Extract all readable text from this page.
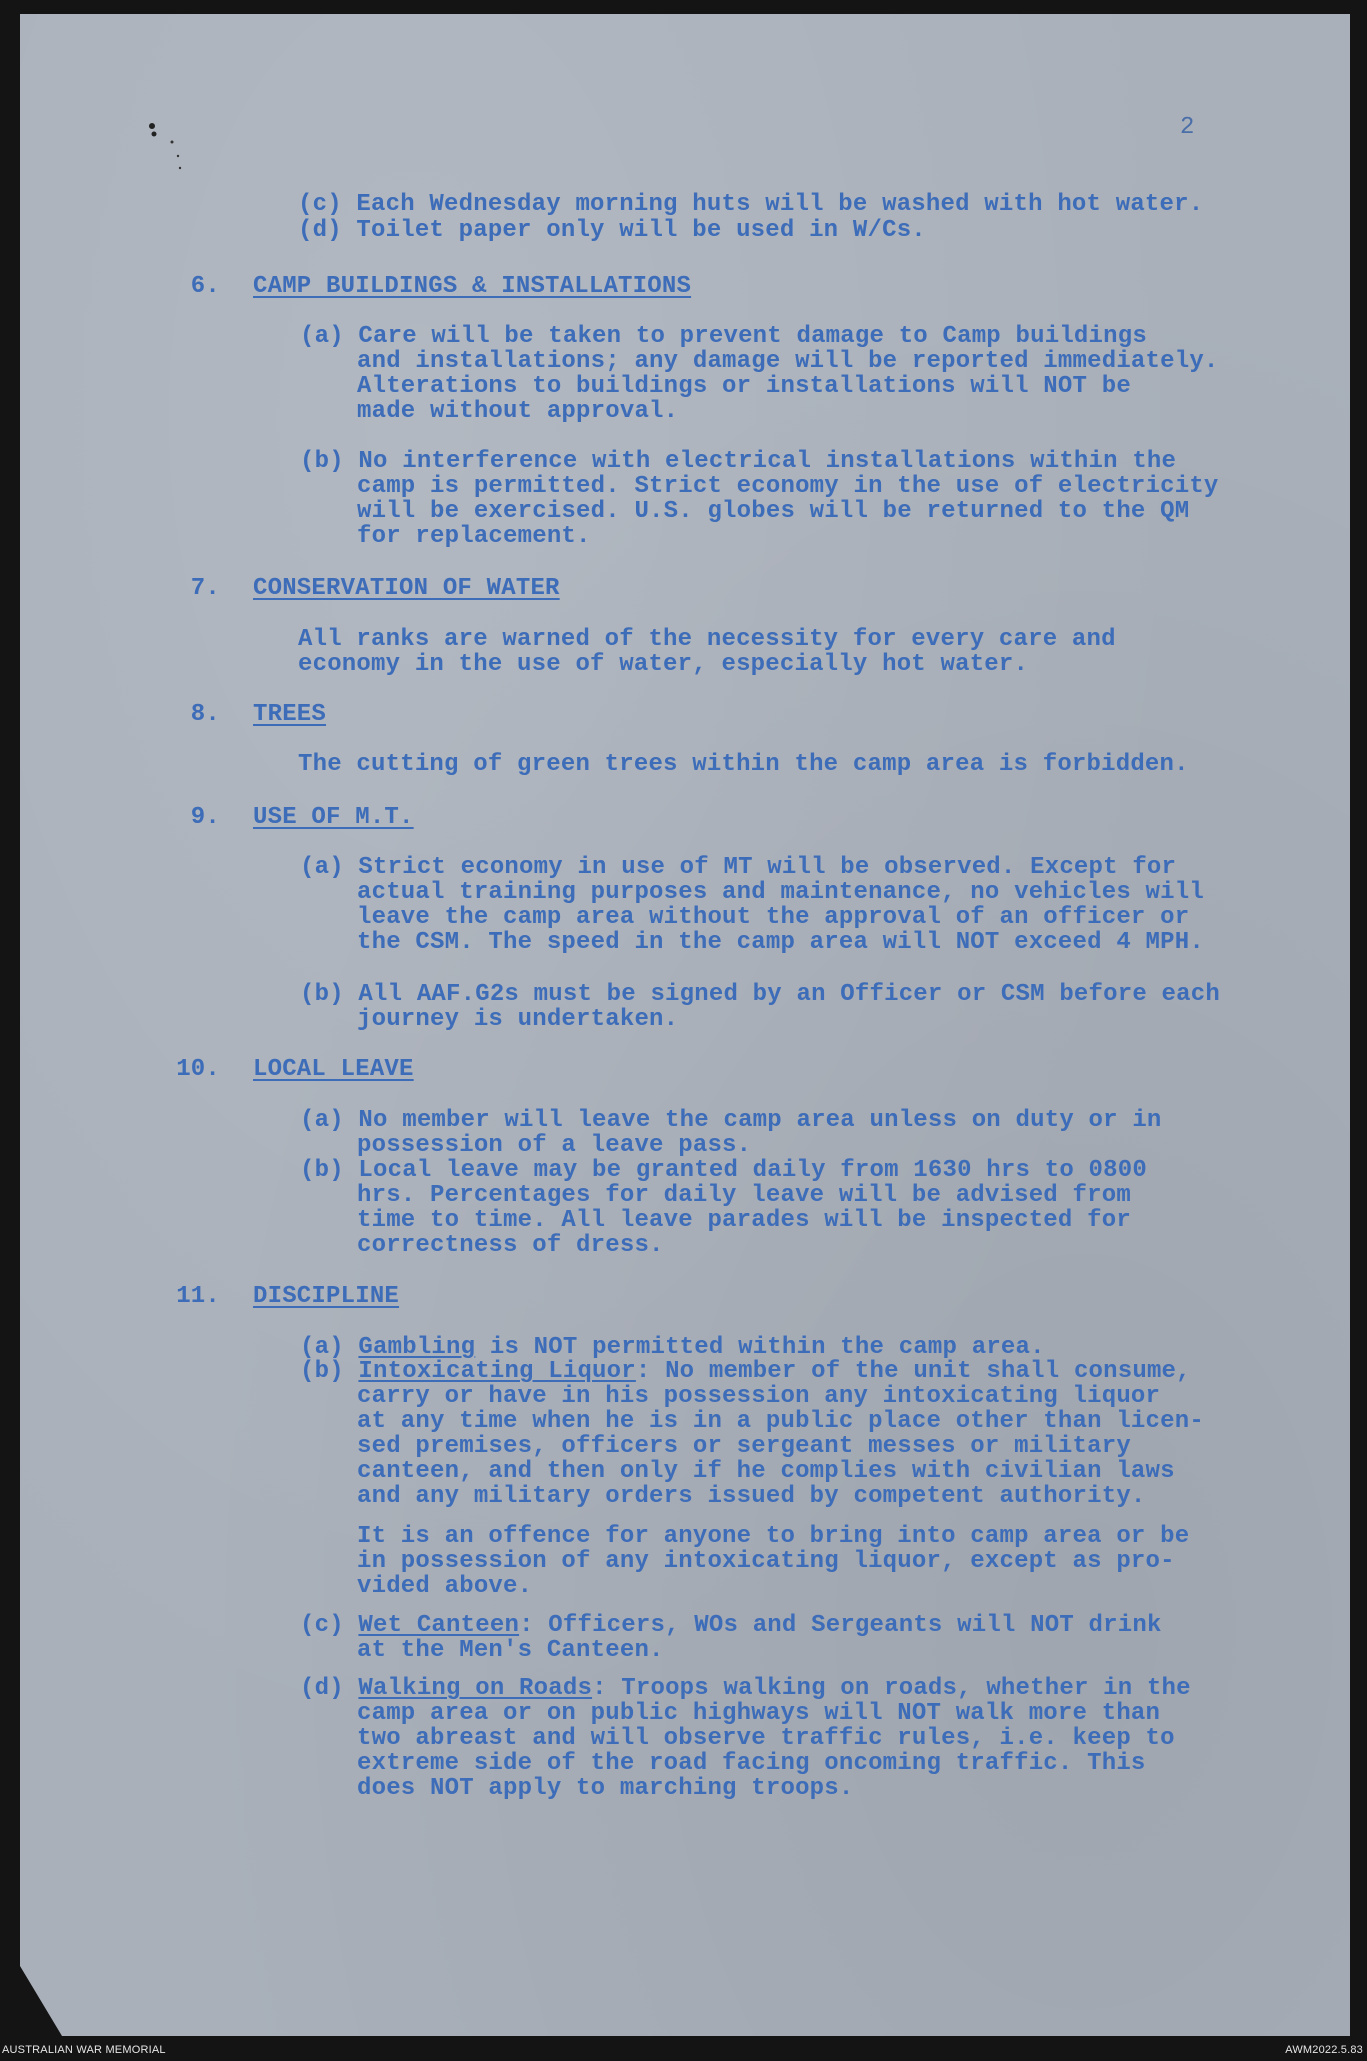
2
(c) Each Wednesday morning huts will be washed with hot water.
(d) Toilet paper only will be used in W/Cs.
6. CAMP BUILDINGS & INSTALLATIONS
(a) Care will be taken to prevent damage to Camp buildings
and installations; any damage will be reported immediately.
Alterations to buildings or installations will NOT be
made without approval.
(b) No interference with electrical installations within the
camp is permitted. Strict economy in the use of electricity
will be exercised. U.S. globes will be returned to the QM
for replacement.
7. CONSERVATION OF WATER
All ranks are warned of the necessity for every care and
economy in the use of water, especially hot water.
8. TREES
The cutting of green trees within the camp area is forbidden.
9. USE OF M.T.
(a) Strict economy in use of MT will be observed. Except for
actual training purposes and maintenance, no vehicles will
leave the camp area without the approval of an officer or
the CSM. The speed in the camp area will NOT exceed 4 MPH.
(b) All AAF.G2s must be signed by an Officer or CSM before each
journey is undertaken.
10. LOCAL LEAVE
(a) No member will leave the camp area unless on duty or in
possession of a leave pass.
(b) Local leave may be granted daily from 1630 hrs to 0800
hrs. Percentages for daily leave will be advised from
time to time. All leave parades will be inspected for
correctness of dress.
11. DISCIPLINE
(a) Gambling is NOT permitted within the camp area.
(b) Intoxicating Liquor: No member of the unit shall consume,
carry or have in his possession any intoxicating liquor
at any time when he is in a public place other than licen-
sed premises, officers or sergeant messes or military
canteen, and then only if he complies with civilian laws
and any military orders issued by competent authority.
It is an offence for anyone to bring into camp area or be
in possession of any intoxicating liquor, except as pro-
vided above.
(c) Wet Canteen: Officers, WOs and Sergeants will NOT drink
at the Men's Canteen.
(d) Walking on Roads: Troops walking on roads, whether in the
camp area or on public highways will NOT walk more than
two abreast and will observe traffic rules, i.e. keep to
extreme side of the road facing oncoming traffic. This
does NOT apply to marching troops.
AUSTRALIAN WAR MEMORIAL	AWM2022.5.83
